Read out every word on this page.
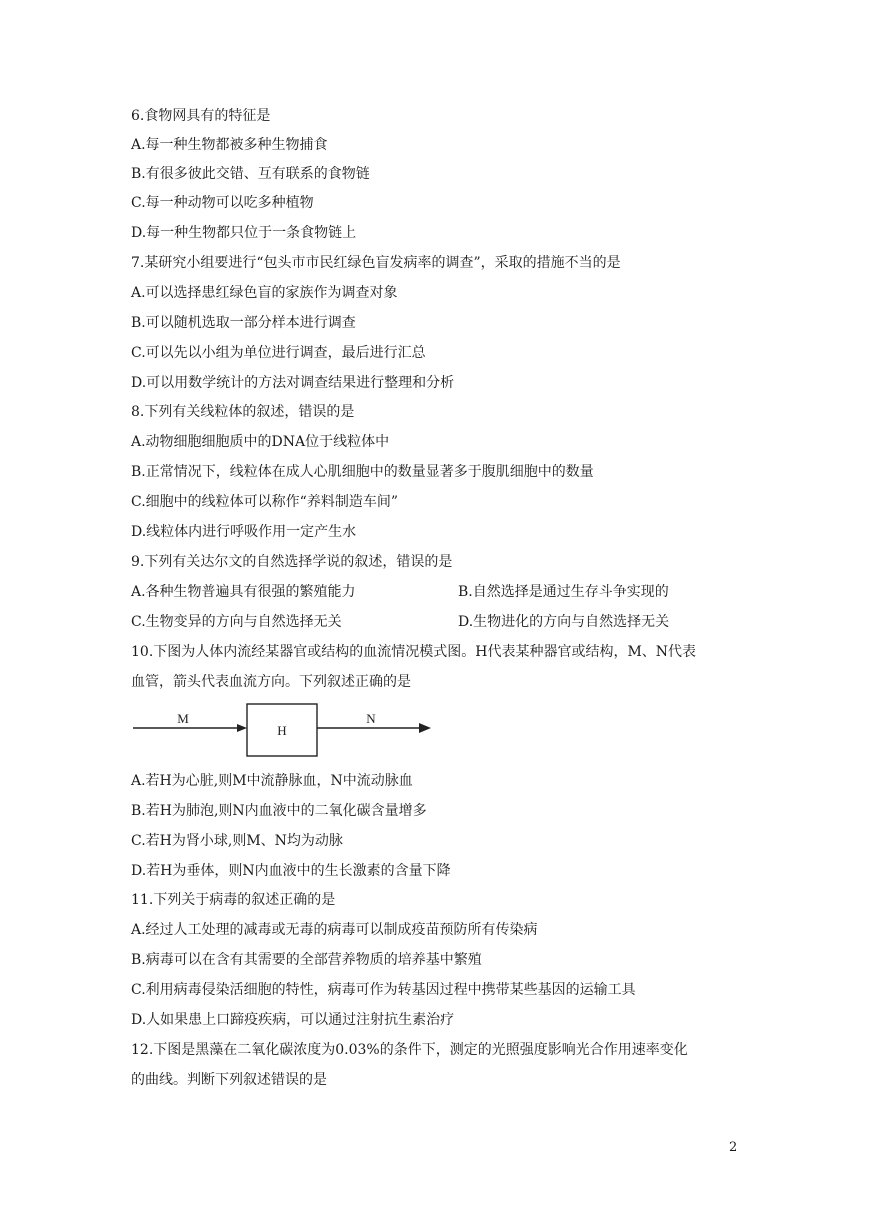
6.食物网具有的特征是
A.每一种生物都被多种生物捕食
B.有很多彼此交错、互有联系的食物链
C.每一种动物可以吃多种植物
D.每一种生物都只位于一条食物链上
7.某研究小组要进行“包头市市民红绿色盲发病率的调查”，采取的措施不当的是
A.可以选择患红绿色盲的家族作为调查对象
B.可以随机选取一部分样本进行调查
C.可以先以小组为单位进行调查，最后进行汇总
D.可以用数学统计的方法对调查结果进行整理和分析
8.下列有关线粒体的叙述，错误的是
A.动物细胞细胞质中的DNA位于线粒体中
B.正常情况下，线粒体在成人心肌细胞中的数量显著多于腹肌细胞中的数量
C.细胞中的线粒体可以称作“养料制造车间”
D.线粒体内进行呼吸作用一定产生水
9.下列有关达尔文的自然选择学说的叙述，错误的是
A.各种生物普遍具有很强的繁殖能力	B.自然选择是通过生存斗争实现的
C.生物变异的方向与自然选择无关	D.生物进化的方向与自然选择无关
10.下图为人体内流经某器官或结构的血流情况模式图。H代表某种器官或结构，M、N代表
血管，箭头代表血流方向。下列叙述正确的是
M
H
N
A.若H为心脏,则M中流静脉血，N中流动脉血
B.若H为肺泡,则N内血液中的二氧化碳含量增多
C.若H为肾小球,则M、N均为动脉
D.若H为垂体，则N内血液中的生长激素的含量下降
11.下列关于病毒的叙述正确的是
A.经过人工处理的减毒或无毒的病毒可以制成疫苗预防所有传染病
B.病毒可以在含有其需要的全部营养物质的培养基中繁殖
C.利用病毒侵染活细胞的特性，病毒可作为转基因过程中携带某些基因的运输工具
D.人如果患上口蹄疫疾病，可以通过注射抗生素治疗
12.下图是黑藻在二氧化碳浓度为0.03%的条件下，测定的光照强度影响光合作用速率变化
的曲线。判断下列叙述错误的是
2
